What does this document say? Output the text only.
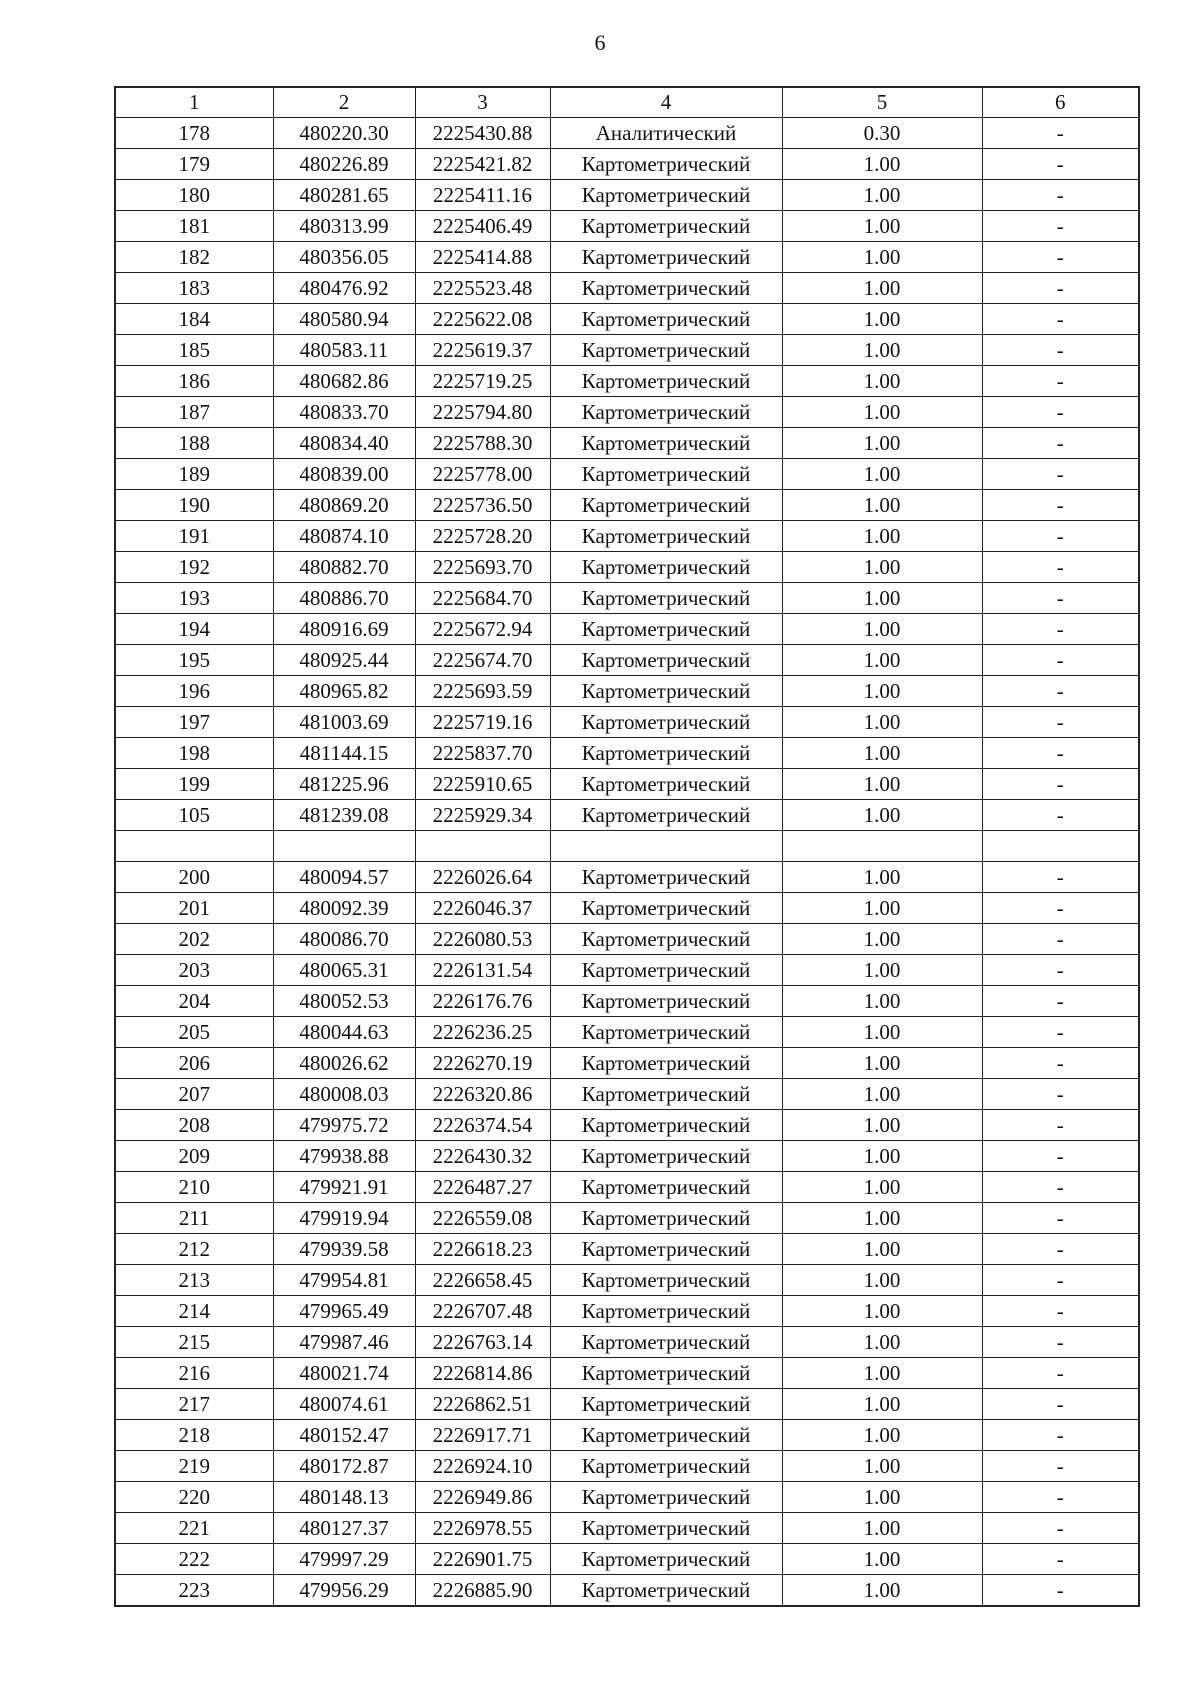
6
1	2	3	4	5	6
178	480220.30	2225430.88	Аналитический	0.30	-
179	480226.89	2225421.82	Картометрический	1.00	-
180	480281.65	2225411.16	Картометрический	1.00	-
181	480313.99	2225406.49	Картометрический	1.00	-
182	480356.05	2225414.88	Картометрический	1.00	-
183	480476.92	2225523.48	Картометрический	1.00	-
184	480580.94	2225622.08	Картометрический	1.00	-
185	480583.11	2225619.37	Картометрический	1.00	-
186	480682.86	2225719.25	Картометрический	1.00	-
187	480833.70	2225794.80	Картометрический	1.00	-
188	480834.40	2225788.30	Картометрический	1.00	-
189	480839.00	2225778.00	Картометрический	1.00	-
190	480869.20	2225736.50	Картометрический	1.00	-
191	480874.10	2225728.20	Картометрический	1.00	-
192	480882.70	2225693.70	Картометрический	1.00	-
193	480886.70	2225684.70	Картометрический	1.00	-
194	480916.69	2225672.94	Картометрический	1.00	-
195	480925.44	2225674.70	Картометрический	1.00	-
196	480965.82	2225693.59	Картометрический	1.00	-
197	481003.69	2225719.16	Картометрический	1.00	-
198	481144.15	2225837.70	Картометрический	1.00	-
199	481225.96	2225910.65	Картометрический	1.00	-
105	481239.08	2225929.34	Картометрический	1.00	-

200	480094.57	2226026.64	Картометрический	1.00	-
201	480092.39	2226046.37	Картометрический	1.00	-
202	480086.70	2226080.53	Картометрический	1.00	-
203	480065.31	2226131.54	Картометрический	1.00	-
204	480052.53	2226176.76	Картометрический	1.00	-
205	480044.63	2226236.25	Картометрический	1.00	-
206	480026.62	2226270.19	Картометрический	1.00	-
207	480008.03	2226320.86	Картометрический	1.00	-
208	479975.72	2226374.54	Картометрический	1.00	-
209	479938.88	2226430.32	Картометрический	1.00	-
210	479921.91	2226487.27	Картометрический	1.00	-
211	479919.94	2226559.08	Картометрический	1.00	-
212	479939.58	2226618.23	Картометрический	1.00	-
213	479954.81	2226658.45	Картометрический	1.00	-
214	479965.49	2226707.48	Картометрический	1.00	-
215	479987.46	2226763.14	Картометрический	1.00	-
216	480021.74	2226814.86	Картометрический	1.00	-
217	480074.61	2226862.51	Картометрический	1.00	-
218	480152.47	2226917.71	Картометрический	1.00	-
219	480172.87	2226924.10	Картометрический	1.00	-
220	480148.13	2226949.86	Картометрический	1.00	-
221	480127.37	2226978.55	Картометрический	1.00	-
222	479997.29	2226901.75	Картометрический	1.00	-
223	479956.29	2226885.90	Картометрический	1.00	-
